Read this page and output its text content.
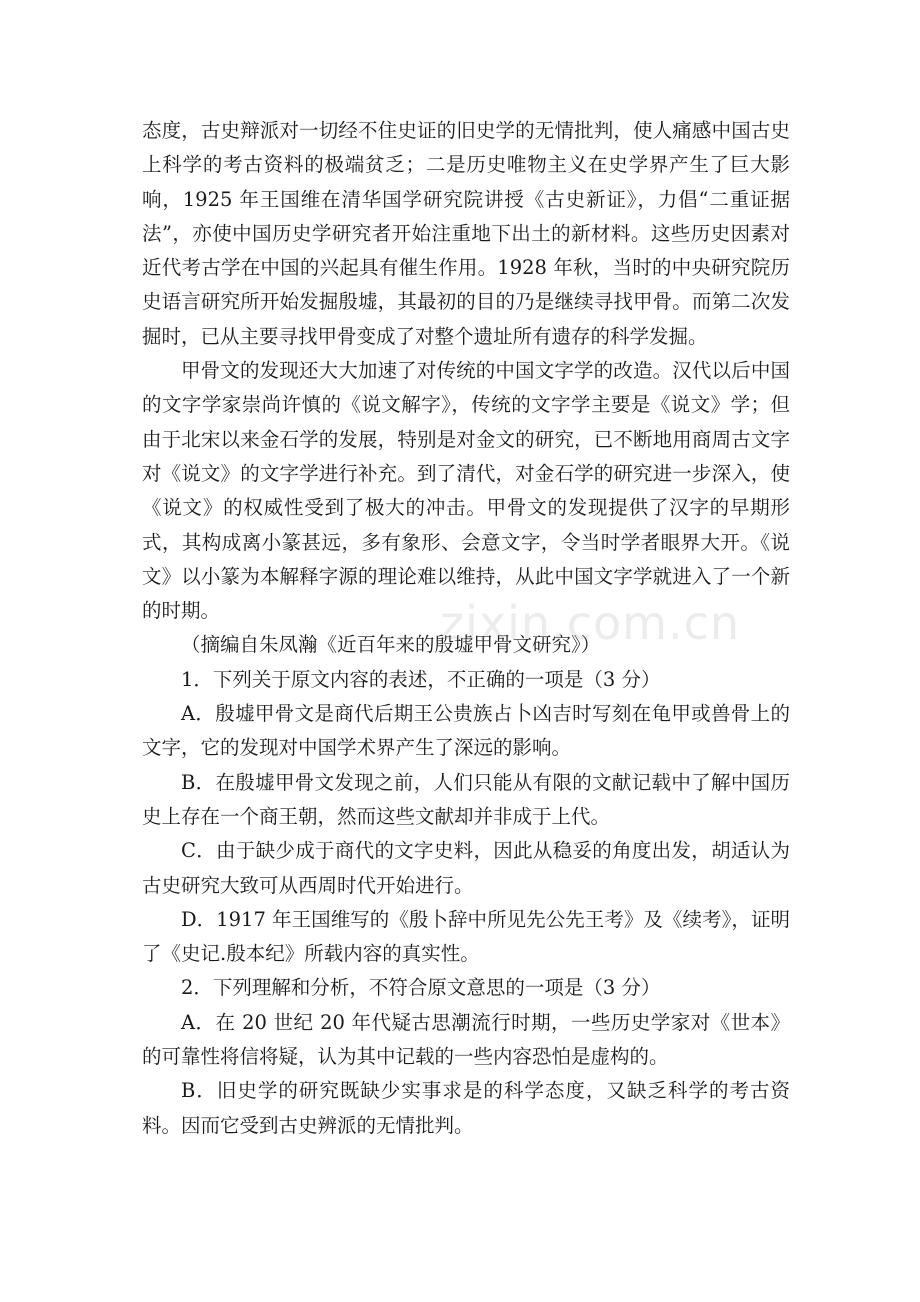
态度，古史辩派对一切经不住史证的旧史学的无情批判，使人痛感中国古史上科学的考古资料的极端贫乏；二是历史唯物主义在史学界产生了巨大影响，1925 年王国维在清华国学研究院讲授《古史新证》，力倡“二重证据法”，亦使中国历史学研究者开始注重地下出土的新材料。这些历史因素对近代考古学在中国的兴起具有催生作用。1928 年秋，当时的中央研究院历史语言研究所开始发掘殷墟，其最初的目的乃是继续寻找甲骨。而第二次发掘时，已从主要寻找甲骨变成了对整个遗址所有遗存的科学发掘。

甲骨文的发现还大大加速了对传统的中国文字学的改造。汉代以后中国的文字学家崇尚许慎的《说文解字》，传统的文字学主要是《说文》学；但由于北宋以来金石学的发展，特别是对金文的研究，已不断地用商周古文字对《说文》的文字学进行补充。到了清代，对金石学的研究进一步深入，使《说文》的权威性受到了极大的冲击。甲骨文的发现提供了汉字的早期形式，其构成离小篆甚远，多有象形、会意文字，令当时学者眼界大开。《说文》以小篆为本解释字源的理论难以维持，从此中国文字学就进入了一个新的时期。

（摘编自朱凤瀚《近百年来的殷墟甲骨文研究》）

1．下列关于原文内容的表述，不正确的一项是（3 分）

A．殷墟甲骨文是商代后期王公贵族占卜凶吉时写刻在龟甲或兽骨上的文字，它的发现对中国学术界产生了深远的影响。

B．在殷墟甲骨文发现之前，人们只能从有限的文献记载中了解中国历史上存在一个商王朝，然而这些文献却并非成于上代。

C．由于缺少成于商代的文字史料，因此从稳妥的角度出发，胡适认为古史研究大致可从西周时代开始进行。

D．1917 年王国维写的《殷卜辞中所见先公先王考》及《续考》，证明了《史记.殷本纪》所载内容的真实性。

2．下列理解和分析，不符合原文意思的一项是（3 分）

A．在 20 世纪 20 年代疑古思潮流行时期，一些历史学家对《世本》的可靠性将信将疑，认为其中记载的一些内容恐怕是虚构的。

B．旧史学的研究既缺少实事求是的科学态度，又缺乏科学的考古资料。因而它受到古史辨派的无情批判。

zixin.com.cn
